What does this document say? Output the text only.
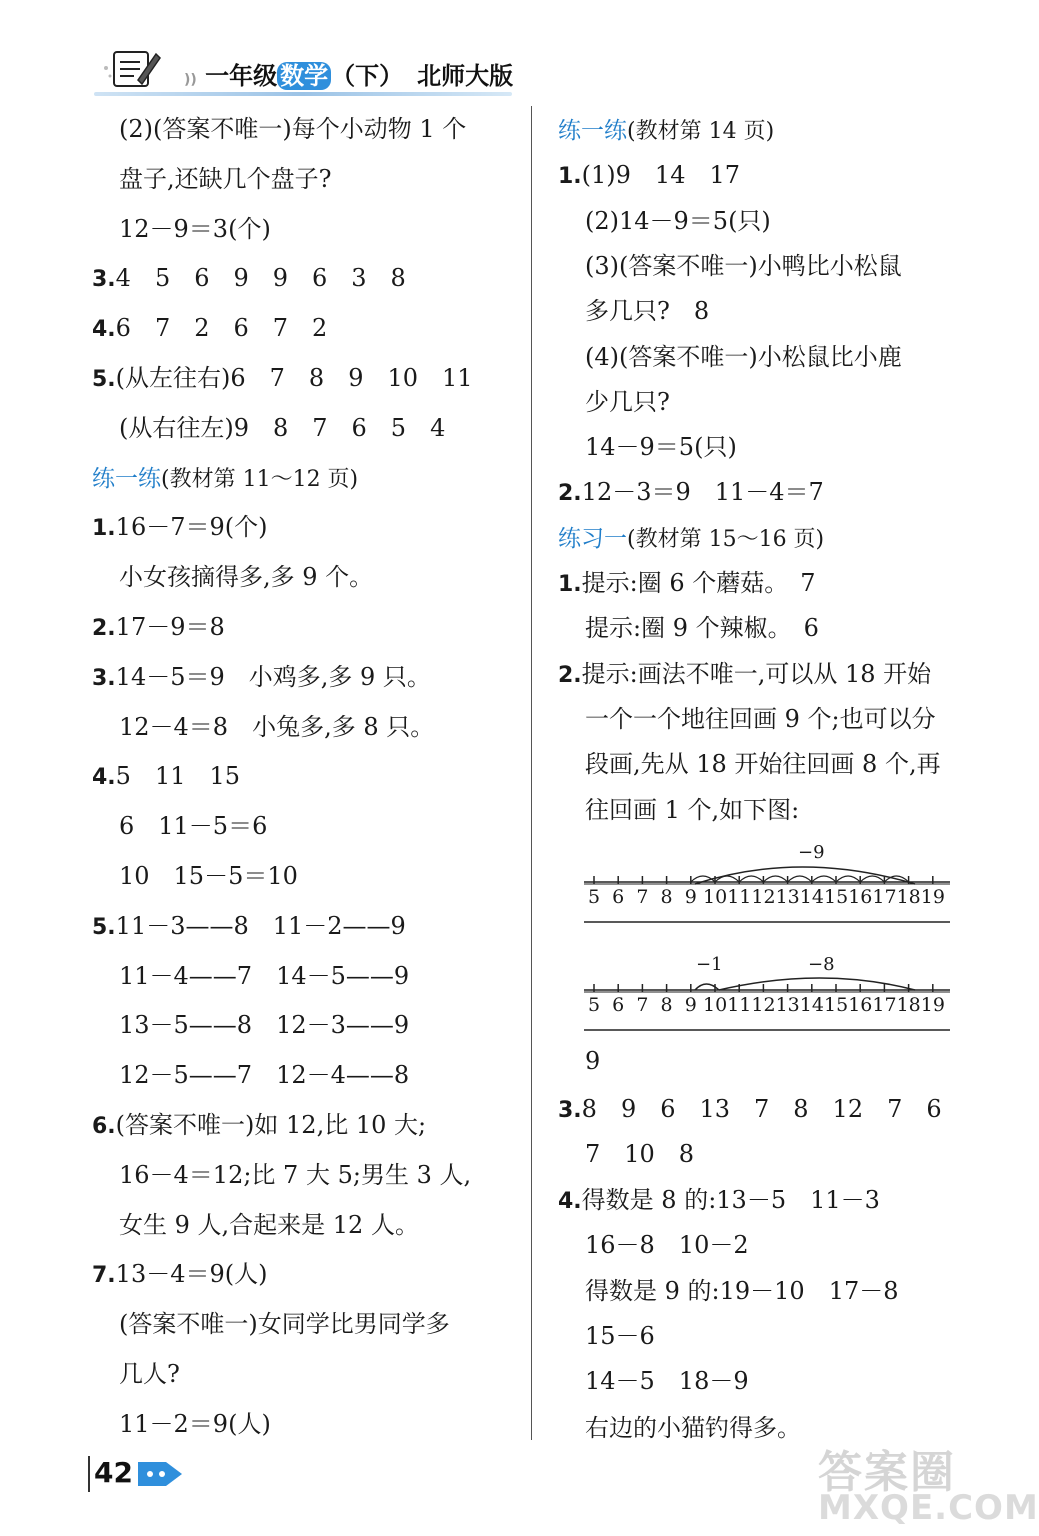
)) 一年级 数学 （下） 北师大版
(2)(答案不唯一)每个小动物 1 个
盘子,还缺几个盘子?
12－9＝3(个)
3.4　5　6　9　9　6　3　8
4.6　7　2　6　7　2
5.(从左往右)6　7　8　9　10　11
(从右往左)9　8　7　6　5　4
练一练(教材第 11～12 页)
1.16－7＝9(个)
小女孩摘得多,多 9 个。
2.17－9＝8
3.14－5＝9　小鸡多,多 9 只。
12－4＝8　小兔多,多 8 只。
4.5　11　15
6　11－5＝6
10　15－5＝10
5.11－3——8　11－2——9
11－4——7　14－5——9
13－5——8　12－3——9
12－5——7　12－4——8
6.(答案不唯一)如 12,比 10 大;
16－4＝12;比 7 大 5;男生 3 人,
女生 9 人,合起来是 12 人。
7.13－4＝9(人)
(答案不唯一)女同学比男同学多
几人?
11－2＝9(人)
练一练(教材第 14 页)
1.(1)9　14　17
(2)14－9＝5(只)
(3)(答案不唯一)小鸭比小松鼠
多几只?　8
(4)(答案不唯一)小松鼠比小鹿
少几只?
14－9＝5(只)
2.12－3＝9　11－4＝7
练习一(教材第 15～16 页)
1.提示:圈 6 个蘑菇。　7
提示:圈 9 个辣椒。　6
2.提示:画法不唯一,可以从 18 开始
一个一个地往回画 9 个;也可以分
段画,先从 18 开始往回画 8 个,再
往回画 1 个,如下图:
9
3.8　9　6　13　7　8　12　7　6
7　10　8
4.得数是 8 的:13－5　11－3
16－8　10－2
得数是 9 的:19－10　17－8
15－6
14－5　18－9
右边的小猫钓得多。
5 6 7 8 9 10 11 12 13 14 15 16 17 18 19
−9
5 6 7 8 9 10 11 12 13 14 15 16 17 18 19
−1	−8
42	答案圈
MXQE.COM
